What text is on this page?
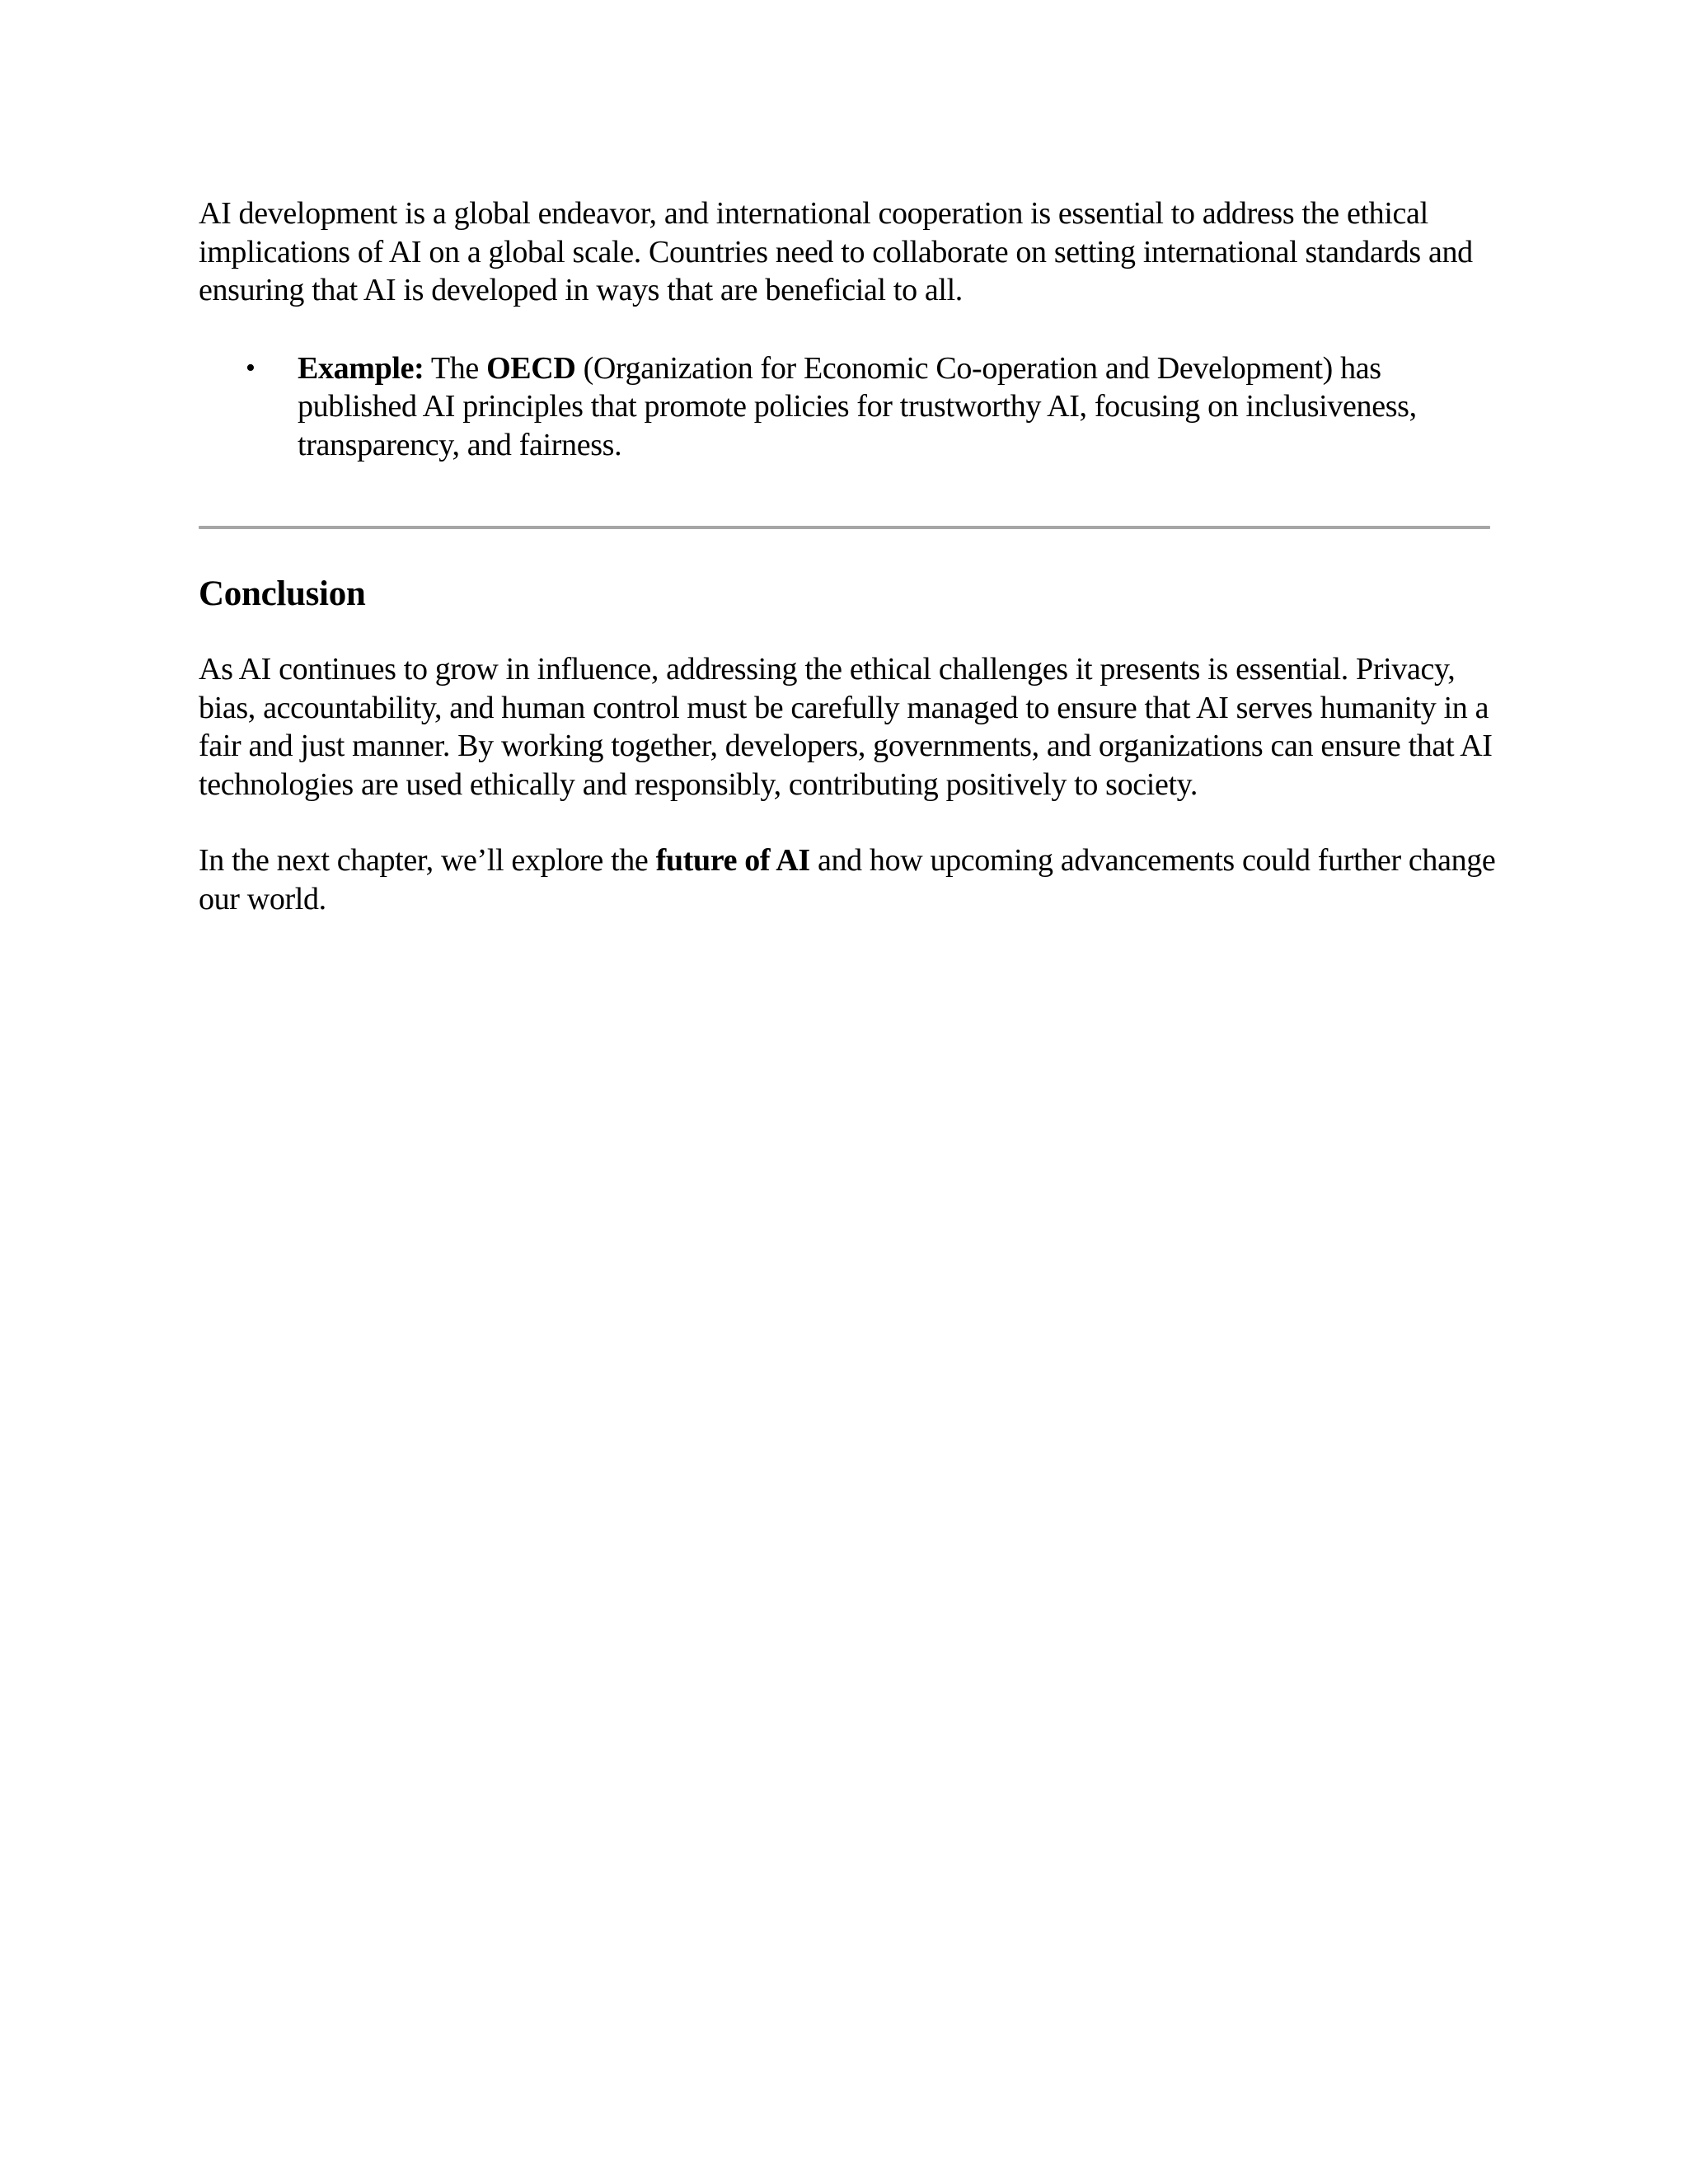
AI development is a global endeavor, and international cooperation is essential to address the ethical implications of AI on a global scale. Countries need to collaborate on setting international standards and ensuring that AI is developed in ways that are beneficial to all.

• Example: The OECD (Organization for Economic Co-operation and Development) has published AI principles that promote policies for trustworthy AI, focusing on inclusiveness, transparency, and fairness.
Conclusion

As AI continues to grow in influence, addressing the ethical challenges it presents is essential. Privacy, bias, accountability, and human control must be carefully managed to ensure that AI serves humanity in a fair and just manner. By working together, developers, governments, and organizations can ensure that AI technologies are used ethically and responsibly, contributing positively to society.

In the next chapter, we’ll explore the future of AI and how upcoming advancements could further change our world.
